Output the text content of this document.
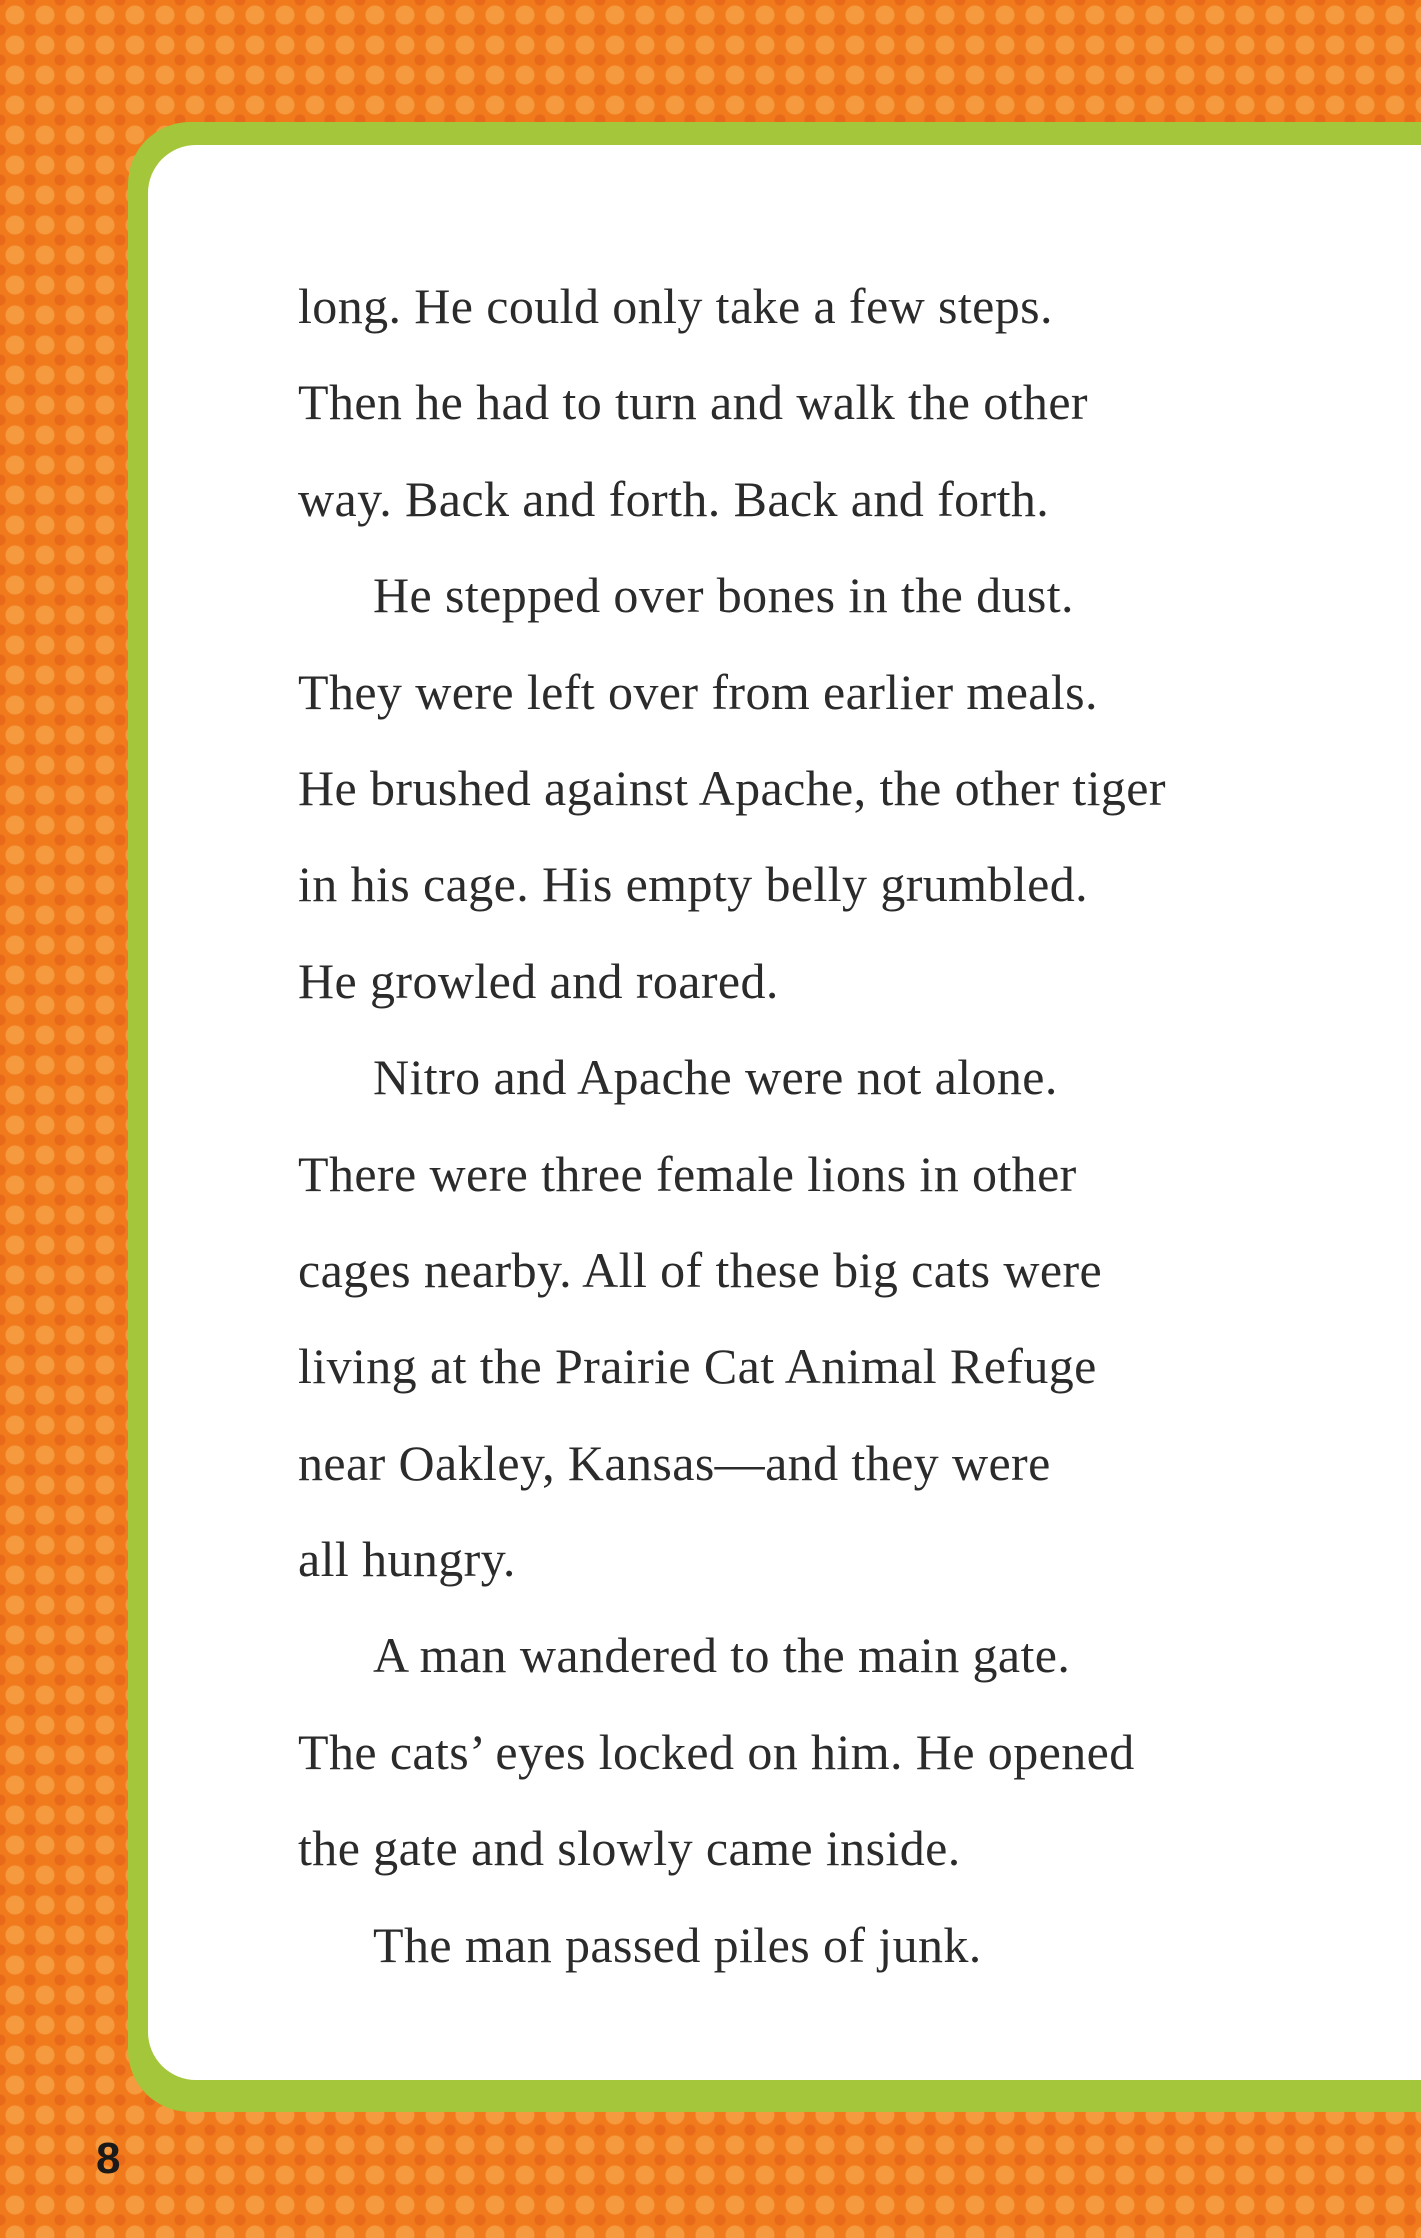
long. He could only take a few steps.
Then he had to turn and walk the other
way. Back and forth. Back and forth.
He stepped over bones in the dust.
They were left over from earlier meals.
He brushed against Apache, the other tiger
in his cage. His empty belly grumbled.
He growled and roared.
Nitro and Apache were not alone.
There were three female lions in other
cages nearby. All of these big cats were
living at the Prairie Cat Animal Refuge
near Oakley, Kansas—and they were
all hungry.
A man wandered to the main gate.
The cats’ eyes locked on him. He opened
the gate and slowly came inside.
The man passed piles of junk.
8
